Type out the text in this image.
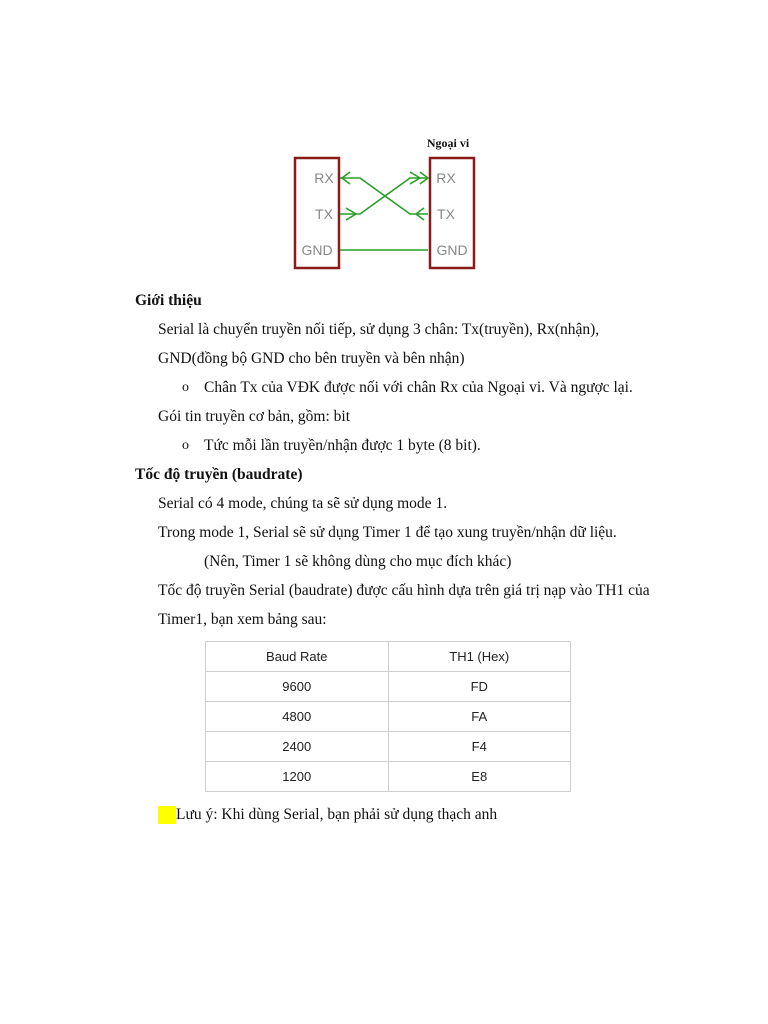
Ngoại vi
RX
TX
GND
RX
TX
GND
Giới thiệu
Serial là chuyển truyền nối tiếp, sử dụng 3 chân: Tx(truyền), Rx(nhận),
GND(đồng bộ GND cho bên truyền và bên nhận)
o Chân Tx của VĐK được nối với chân Rx của Ngoại vi. Và ngược lại.
Gói tin truyền cơ bản, gồm: bit
o Tức mỗi lần truyền/nhận được 1 byte (8 bit).
Tốc độ truyền (baudrate)
Serial có 4 mode, chúng ta sẽ sử dụng mode 1.
Trong mode 1, Serial sẽ sử dụng Timer 1 để tạo xung truyền/nhận dữ liệu.
(Nên, Timer 1 sẽ không dùng cho mục đích khác)
Tốc độ truyền Serial (baudrate) được cấu hình dựa trên giá trị nạp vào TH1 của
Timer1, bạn xem bảng sau:
Baud Rate	TH1 (Hex)
9600	FD
4800	FA
2400	F4
1200	E8
Lưu ý: Khi dùng Serial, bạn phải sử dụng thạch anh
